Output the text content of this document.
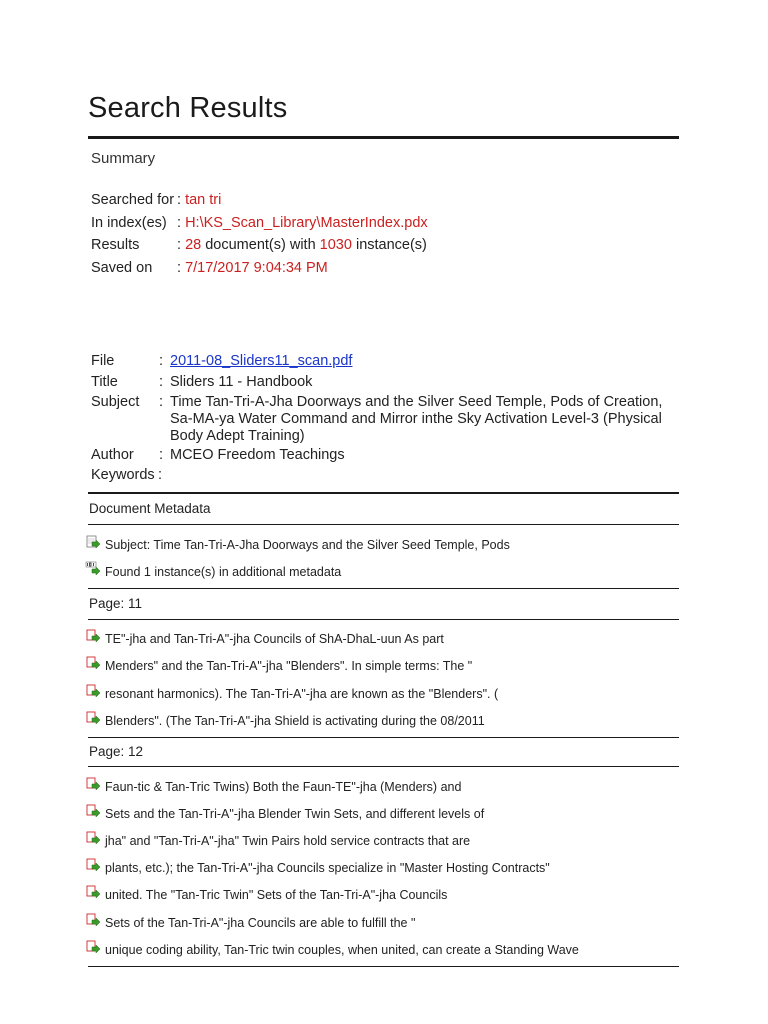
Search Results
Summary
Searched for : tan tri
In index(es) : H:\KS_Scan_Library\MasterIndex.pdx
Results	: 28 document(s) with 1030 instance(s)
Saved on : 7/17/2017 9:04:34 PM
File	: 2011-08_Sliders11_scan.pdf
Title	: Sliders 11 - Handbook
Subject	: Time Tan-Tri-A-Jha Doorways and the Silver Seed Temple, Pods of Creation, Sa-MA-ya Water Command and Mirror inthe Sky Activation Level-3 (Physical Body Adept Training)
Author	: MCEO Freedom Teachings
Keywords :
Document Metadata
Subject: Time Tan-Tri-A-Jha Doorways and the Silver Seed Temple, Pods
Found 1 instance(s) in additional metadata
Page: 11
TE"-jha and Tan-Tri-A"-jha Councils of ShA-DhaL-uun As part
Menders" and the Tan-Tri-A"-jha "Blenders". In simple terms: The "
resonant harmonics). The Tan-Tri-A"-jha are known as the "Blenders". (
Blenders". (The Tan-Tri-A"-jha Shield is activating during the 08/2011
Page: 12
Faun-tic & Tan-Tric Twins) Both the Faun-TE"-jha (Menders) and
Sets and the Tan-Tri-A"-jha Blender Twin Sets, and different levels of
jha" and "Tan-Tri-A"-jha" Twin Pairs hold service contracts that are
plants, etc.); the Tan-Tri-A"-jha Councils specialize in "Master Hosting Contracts"
united. The "Tan-Tric Twin" Sets of the Tan-Tri-A"-jha Councils
Sets of the Tan-Tri-A"-jha Councils are able to fulfill the "
unique coding ability, Tan-Tric twin couples, when united, can create a Standing Wave
